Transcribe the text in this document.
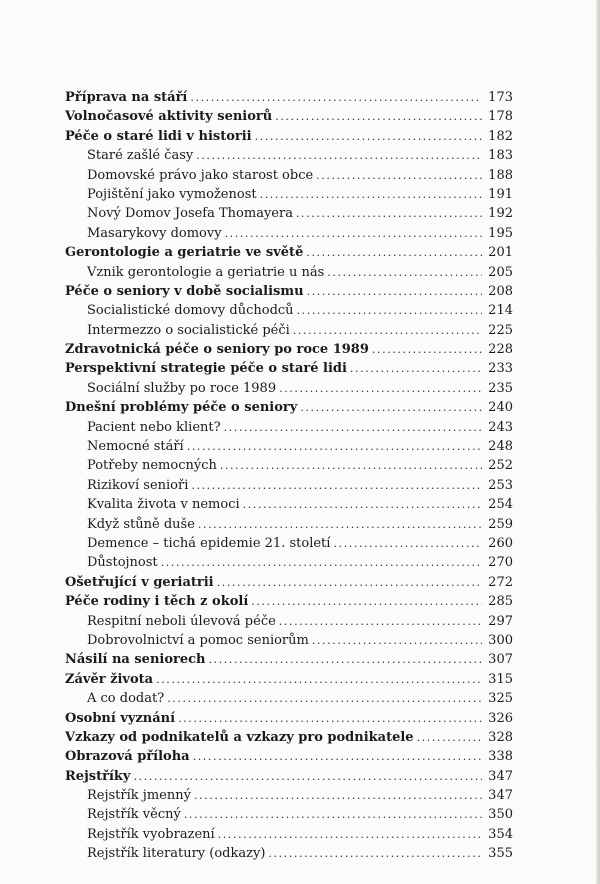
Příprava na stáří .....	173
Volnočasové aktivity seniorů .....	178
Péče o staré lidi v historii .....	182
Staré zašlé časy .....	183
Domovské právo jako starost obce .....	188
Pojištění jako vymoženost .....	191
Nový Domov Josefa Thomayera .....	192
Masarykovy domovy .....	195
Gerontologie a geriatrie ve světě .....	201
Vznik gerontologie a geriatrie u nás .....	205
Péče o seniory v době socialismu .....	208
Socialistické domovy důchodců .....	214
Intermezzo o socialistické péči .....	225
Zdravotnická péče o seniory po roce 1989 .....	228
Perspektivní strategie péče o staré lidi .....	233
Sociální služby po roce 1989 .....	235
Dnešní problémy péče o seniory .....	240
Pacient nebo klient? .....	243
Nemocné stáří .....	248
Potřeby nemocných .....	252
Rizikoví senioři .....	253
Kvalita života v nemoci .....	254
Když stůně duše .....	259
Demence – tichá epidemie 21. století .....	260
Důstojnost .....	270
Ošetřující v geriatrii .....	272
Péče rodiny i těch z okolí .....	285
Respitní neboli úlevová péče .....	297
Dobrovolnictví a pomoc seniorům .....	300
Násilí na seniorech .....	307
Závěr života .....	315
A co dodat? .....	325
Osobní vyznání .....	326
Vzkazy od podnikatelů a vzkazy pro podnikatele .....	328
Obrazová příloha .....	338
Rejstříky .....	347
Rejstřík jmenný .....	347
Rejstřík věcný .....	350
Rejstřík vyobrazení .....	354
Rejstřík literatury (odkazy) .....	355
